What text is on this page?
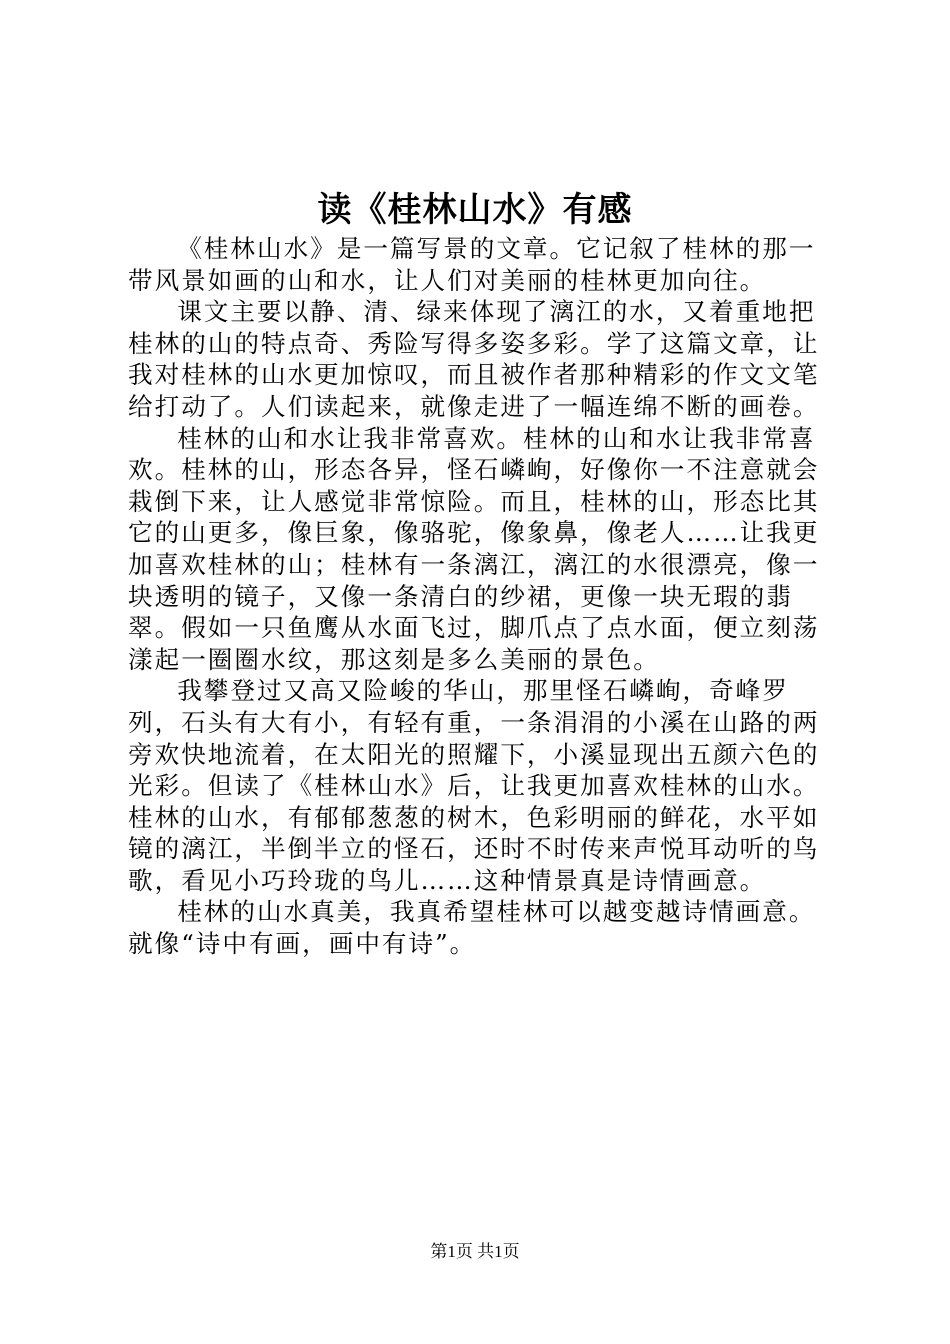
读《桂林山水》有感

《桂林山水》是一篇写景的文章。它记叙了桂林的那一带风景如画的山和水，让人们对美丽的桂林更加向往。

课文主要以静、清、绿来体现了漓江的水，又着重地把桂林的山的特点奇、秀险写得多姿多彩。学了这篇文章，让我对桂林的山水更加惊叹，而且被作者那种精彩的作文文笔给打动了。人们读起来，就像走进了一幅连绵不断的画卷。

桂林的山和水让我非常喜欢。桂林的山和水让我非常喜欢。桂林的山，形态各异，怪石嶙峋，好像你一不注意就会栽倒下来，让人感觉非常惊险。而且，桂林的山，形态比其它的山更多，像巨象，像骆驼，像象鼻，像老人……让我更加喜欢桂林的山；桂林有一条漓江，漓江的水很漂亮，像一块透明的镜子，又像一条清白的纱裙，更像一块无瑕的翡翠。假如一只鱼鹰从水面飞过，脚爪点了点水面，便立刻荡漾起一圈圈水纹，那这刻是多么美丽的景色。

我攀登过又高又险峻的华山，那里怪石嶙峋，奇峰罗列，石头有大有小，有轻有重，一条涓涓的小溪在山路的两旁欢快地流着，在太阳光的照耀下，小溪显现出五颜六色的光彩。但读了《桂林山水》后，让我更加喜欢桂林的山水。桂林的山水，有郁郁葱葱的树木，色彩明丽的鲜花，水平如镜的漓江，半倒半立的怪石，还时不时传来声悦耳动听的鸟歌，看见小巧玲珑的鸟儿……这种情景真是诗情画意。

桂林的山水真美，我真希望桂林可以越变越诗情画意。就像“诗中有画，画中有诗”。

第1页 共1页
